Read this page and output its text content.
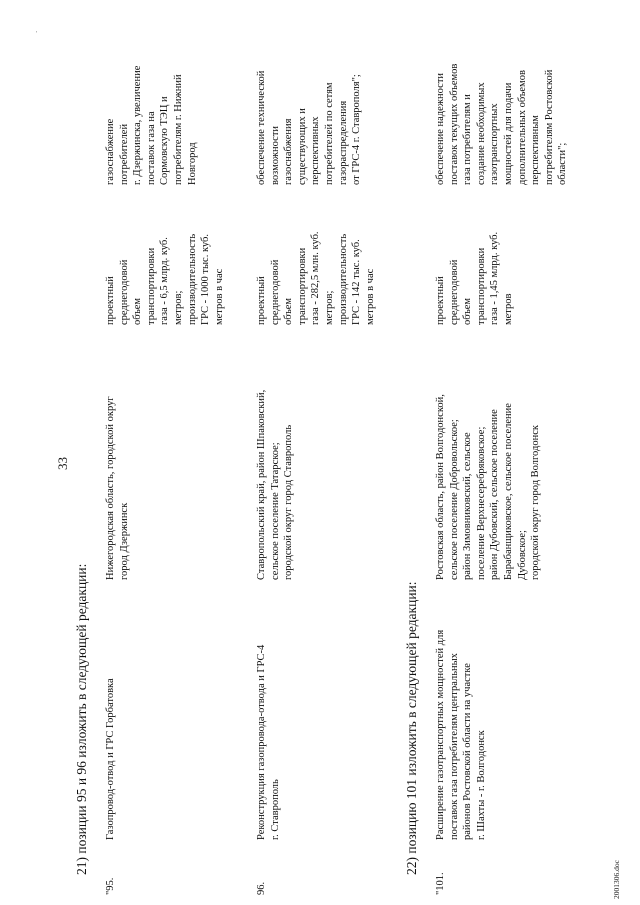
'
33
21) позиции 95 и 96 изложить в следующей редакции:
"95.
Газопровод-отвод и ГРС Горбатовка
Нижегородская область, городской округ
город Дзержинск
проектный
среднегодовой
объем
транспортировки
газа - 6,5 млрд. куб.
метров;
производительность
ГРС - 1000 тыс. куб.
метров в час
газоснабжение
потребителей
г. Дзержинска, увеличение
поставок газа на
Сормовскую ТЭЦ и
потребителям г. Нижний
Новгород
96.
Реконструкция газопровода-отвода и ГРС-4
г. Ставрополь
Ставропольский край, район Шпаковский,
сельское поселение Татарское;
городской округ город Ставрополь
проектный
среднегодовой
объем
транспортировки
газа - 282,5 млн. куб.
метров;
производительность
ГРС - 142 тыс. куб.
метров в час
обеспечение технической
возможности
газоснабжения
существующих и
перспективных
потребителей по сетям
газораспределения
от ГРС-4 г. Ставрополя";
22) позицию 101 изложить в следующей редакции:
"101.
Расширение газотранспортных мощностей для
поставок газа потребителям центральных
районов Ростовской области на участке
г. Шахты - г. Волгодонск
Ростовская область, район Волгодонской,
сельское поселение Добровольское;
район Зимовниковский, сельское
поселение Верхнесеребряковское;
район Дубовский, сельское поселение
Барабанщиковское, сельское поселение
Дубовское;
городской округ город Волгодонск
проектный
среднегодовой
объем
транспортировки
газа - 1,45 млрд. куб.
метров
обеспечение надежности
поставок текущих объемов
газа потребителям и
создание необходимых
газотранспортных
мощностей для подачи
дополнительных объемов
перспективным
потребителям Ростовской
области";
2001306.doc
